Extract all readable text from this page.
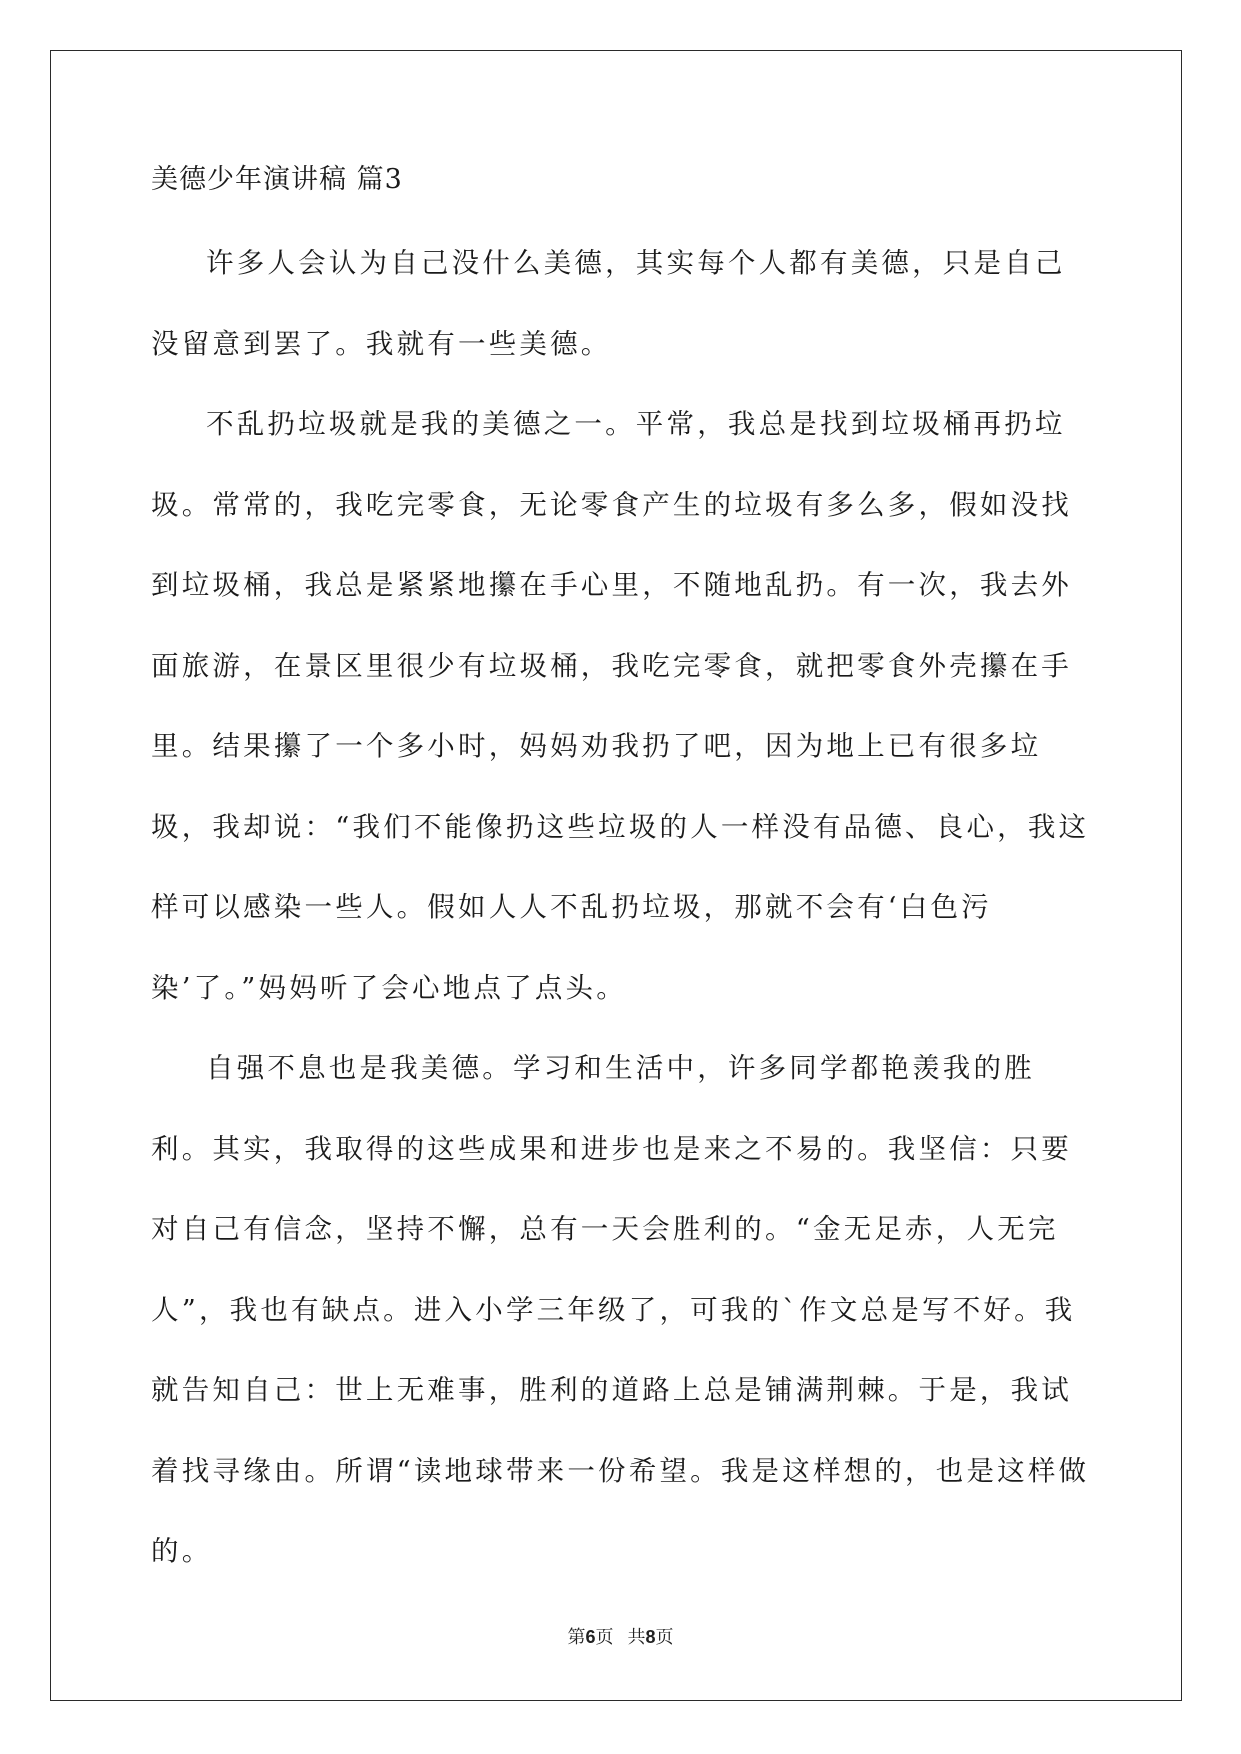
美德少年演讲稿 篇3

许多人会认为自己没什么美德，其实每个人都有美德，只是自己没留意到罢了。我就有一些美德。

不乱扔垃圾就是我的美德之一。平常，我总是找到垃圾桶再扔垃圾。常常的，我吃完零食，无论零食产生的垃圾有多么多，假如没找到垃圾桶，我总是紧紧地攥在手心里，不随地乱扔。有一次，我去外面旅游，在景区里很少有垃圾桶，我吃完零食，就把零食外壳攥在手里。结果攥了一个多小时，妈妈劝我扔了吧，因为地上已有很多垃圾，我却说：“我们不能像扔这些垃圾的人一样没有品德、良心，我这样可以感染一些人。假如人人不乱扔垃圾，那就不会有‘白色污染’了。”妈妈听了会心地点了点头。

自强不息也是我美德。学习和生活中，许多同学都艳羡我的胜利。其实，我取得的这些成果和进步也是来之不易的。我坚信：只要对自己有信念，坚持不懈，总有一天会胜利的。“金无足赤，人无完人”，我也有缺点。进入小学三年级了，可我的`作文总是写不好。我就告知自己：世上无难事，胜利的道路上总是铺满荆棘。于是，我试着找寻缘由。所谓“读地球带来一份希望。我是这样想的，也是这样做的。

第6页 共8页
